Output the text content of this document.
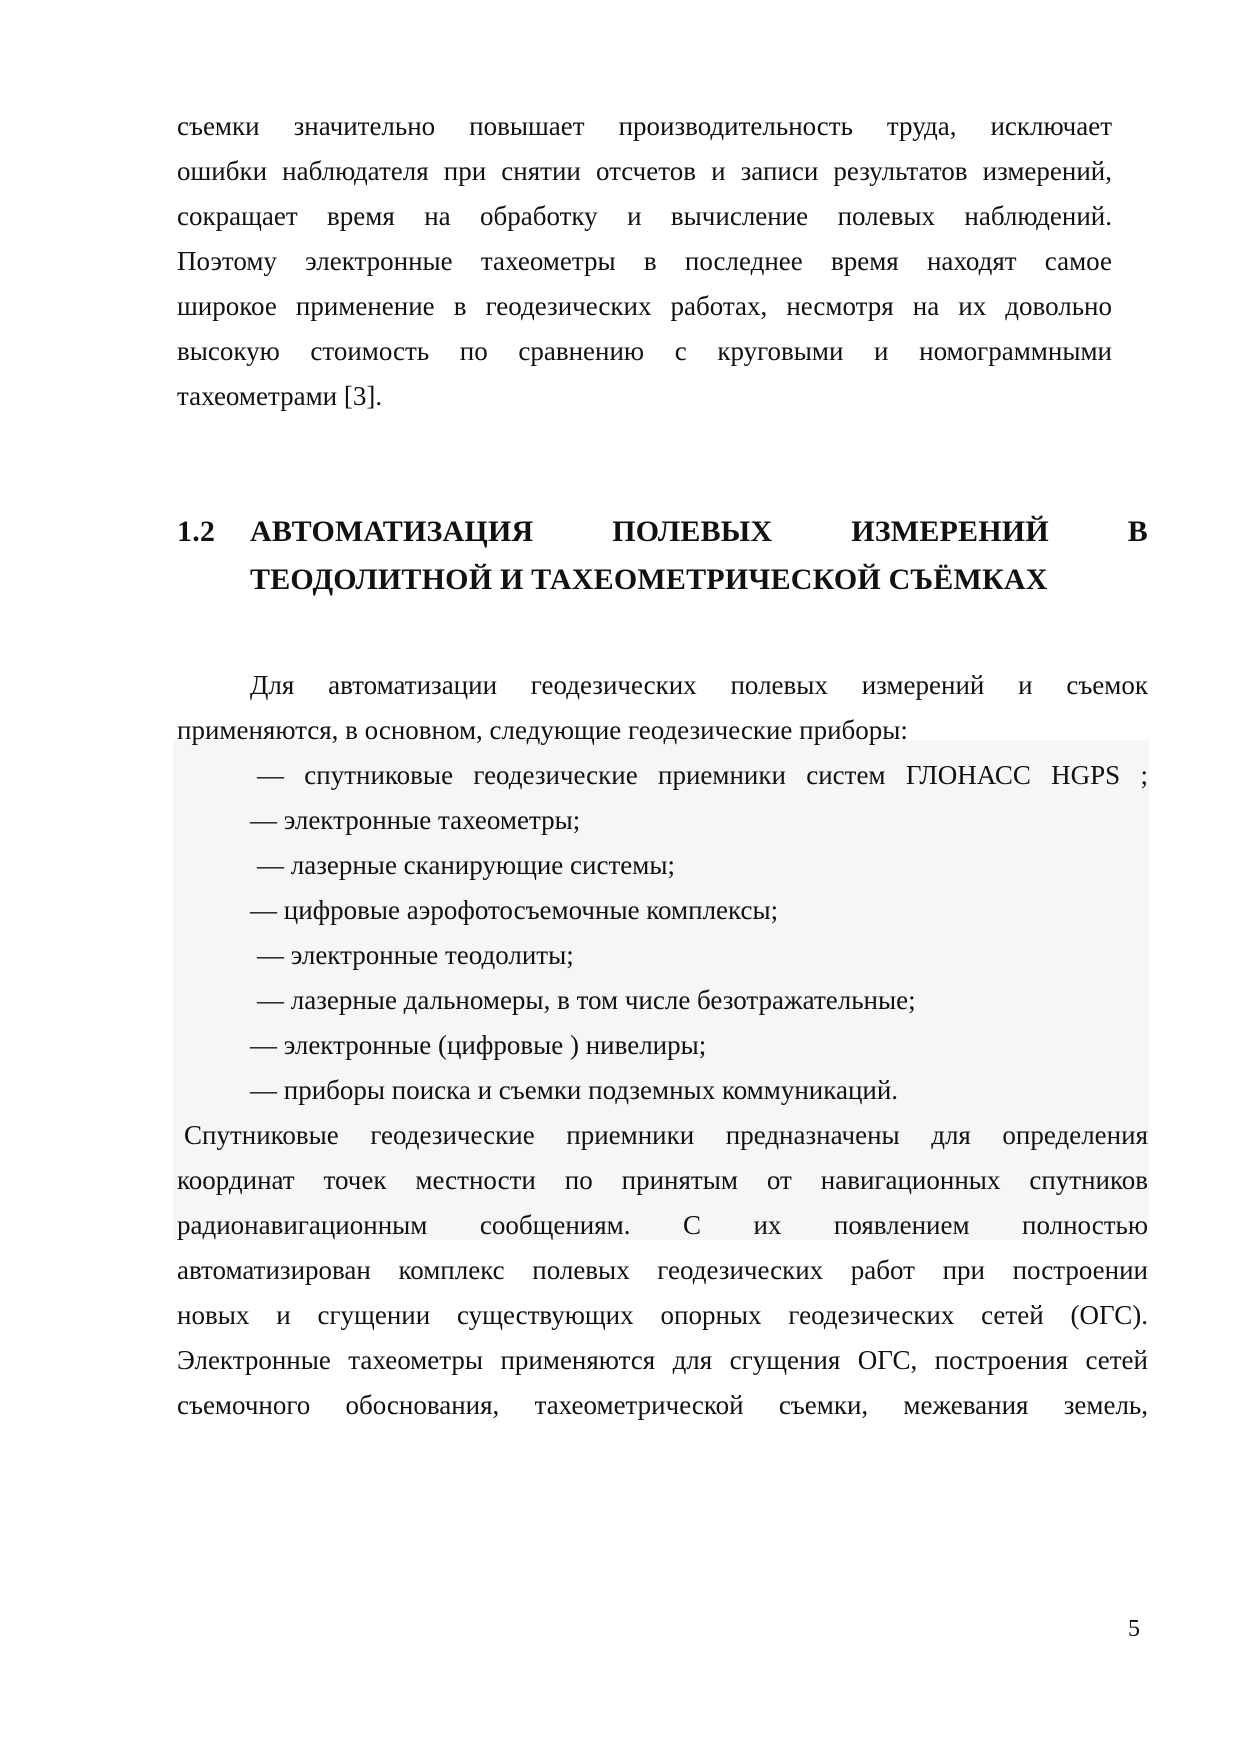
съемки значительно повышает производительность труда, исключает
ошибки наблюдателя при снятии отсчетов и записи результатов измерений,
сокращает время на обработку и вычисление полевых наблюдений.
Поэтому электронные тахеометры в последнее время находят самое
широкое применение в геодезических работах, несмотря на их довольно
высокую стоимость по сравнению с круговыми и номограммными
тахеометрами [3].
1.2 АВТОМАТИЗАЦИЯ ПОЛЕВЫХ ИЗМЕРЕНИЙ В
ТЕОДОЛИТНОЙ И ТАХЕОМЕТРИЧЕСКОЙ СЪЁМКАХ
Для автоматизации геодезических полевых измерений и съемок
применяются, в основном, следующие геодезические приборы:
— спутниковые геодезические приемники систем ГЛОНАСС HGPS ;
— электронные тахеометры;
— лазерные сканирующие системы;
— цифровые аэрофотосъемочные комплексы;
— электронные теодолиты;
— лазерные дальномеры, в том числе безотражательные;
— электронные (цифровые ) нивелиры;
— приборы поиска и съемки подземных коммуникаций.
Спутниковые геодезические приемники предназначены для определения
координат точек местности по принятым от навигационных спутников
радионавигационным сообщениям. С их появлением полностью
автоматизирован комплекс полевых геодезических работ при построении
новых и сгущении существующих опорных геодезических сетей (ОГС).
Электронные тахеометры применяются для сгущения ОГС, построения сетей
съемочного обоснования, тахеометрической съемки, межевания земель,
5
